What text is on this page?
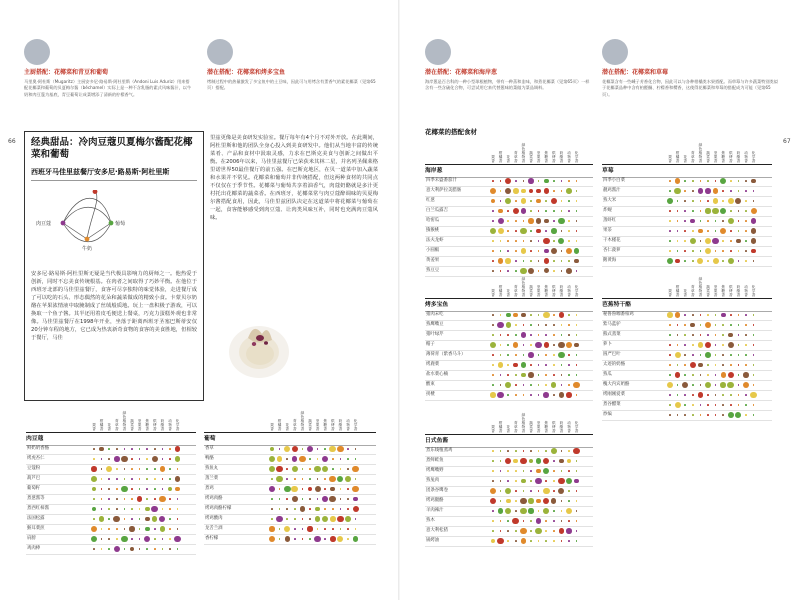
主厨搭配：花椰菜和青豆和葡萄
马里奥·阿杜斯（Mugaritz）主厨安多尼·路易斯·阿杜里斯（Andoni Luis Aduriz）用来搭配花椰菜和葡萄的贝夏梅尔酱（béchamel）实际上是一种不含乳脂的素式风味酱汁，以牛奶和肉豆蔻为基底，青豆葡萄让成菜增添了清新的柠檬香气。
潜在搭配：花椰菜和烤多宝鱼
烤制过程中的热量激发了多宝鱼中的土豆味，因此可与用烤含有蛋香气的素花椰菜（见第65页）搭配。
66 经典甜品：冷肉豆蔻贝夏梅尔酱配花椰菜和葡萄
西班牙马佳里兹餐厅安多尼·路易斯·阿杜里斯
肉豆蔻	葡萄
牛奶
安多尼·路易斯·阿杜里斯无疑是当代极具影响力的厨师之一。他热爱于创新，同时不忘美食传统根基。在肉者之间取得了巧妙平衡。在他位于西班牙北部的马佳里兹餐厅，食客可尽享独特的味觉体验，走进餐厅成了可以吃的石头、形态偶然的花朵和蔬菜做成的精致小食。卡蒙贝尔奶酪在苹果浓情液中取腌制成了丝绒般质地。玩上一盘积极子游戏，可以换取一个鱼子酱。其半还用着皮毛便送上餐桌，巧克力蛋糕外观也非常像。马佳里兹餐厅在1998年开业，坐落于距离西班牙圣塞巴斯蒂安仅20分钟车程的地方，它已成为热衷新奇食物的食客的美食胜地，但相较于餐厅，马佳
里兹更像是美食研发实验室。餐厅每年有4个月不对外开放。在此期间，阿杜里斯和他的团队全身心投入到美食研发中。他们从当地丰富的传统菜肴、产品和食材中汲取灵感，力求在巴斯克美食与创新之间做出平衡。在2006年以来，马佳里兹餐厅已荣获米其林二星，并名列圣佩莱格里诺世界50最佳餐厅的前五强。在巴斯克地区，在贝一道菜中加入蔬菜和水果并不常见。花椰菜和葡萄并非传统搭配，但这两种食材的共同点不仅仅在于季节性。花椰菜与葡萄共享着油香气，肉蔻奶酪就是多汁更村托出花椰菜的蔬菜香。在西班牙，花椰菜常与肉豆蔻醉调味的贝夏梅尔酱搭配食用，因此，马佳里兹团队决定在这道菜中将花椰菜与葡萄在一起，食客能够感受到肉豆蔻、让肉类风味互补，同时也充满肉豆蔻风味。
果香
柑橘香
花香
青草香
绿色植物香
蔬菜香
坚果香
焦糖香
烘烤香
奶酪香
动物香
化学香
肉豆蔻
鲜奶奶香酪
烤虎杏仁
豆蔻粉
葫芦巴
葡萄籽
煮葱酱等
煮西红柿酱
法国松露
猴耳菜煎
肩膀
鸡肉棒
果香
柑橘香
花香
青草香
绿色植物香
蔬菜香
坚果香
焦糖香
烘烤香
奶酪香
动物香
化学香
葡萄
香草
鸭酪
熟鱼丸
蒸兰菜
煮鸡
烤鸡肉酪
烤鸡肉酪柠檬
烤鸡酸肉
龙舌兰酒
香柠檬
潜在搭配：花椰菜和海岸葱
海岸葱是百合科的一种小型球根植物，带有一种蒸和韭味，和煮花椰菜（见第65页）一样含有一些含硫化合物，可尝试用它来代替葱味的菜做为菜品调料。
潜在搭配：花椰菜和草莓
花椰菜含有一些嵊子芳香化合物，因此可以与各种柑橘类水果搭配。而草莓与许多蔬菜特别类似于花椰菜品种中含有柏醛酮、柠檬香和樱香，这使得花椰菜和草莓的搭配成为可能（见第65页）。
67
花椰菜的搭配食材
果香
柑橘香
花香
青草香
绿色植物香
蔬菜香
坚果香
焦糖香
烘烤香
奶酪香
动物香
化学香
海岸葱
四季未盛番茄汁
意大利萨拉美腊肠
红葱
白兰瓜露吉
哈密瓜
猕猴桃
法夫龙虾
小圆椒
黄姜果
熟豆豆
果香
柑橘香
花香
青草香
绿色植物香
蔬菜香
坚果香
焦糖香
烘烤香
奶酪香
动物香
化学香
草莓
四季小白菜
靓鸡酱汁
熟大米
炸蚬
蒸虾红
果茶
干木槿花
杏仁菠萝
鹅黄海
果香
柑橘香
花香
青草香
绿色植物香
蔬菜香
坚果香
焦糖香
烘烤香
奶酪香
动物香
化学香
烤多宝鱼
猪肉末吃
熟鹰嘴豆
猪叶绿芹
帽子
薄荷青（紫香马斗）
烤鹿菜
盐水菜心楠
酸束
拐楂
果香
柑橘香
花香
青草香
绿色植物香
蔬菜香
坚果香
焦糖香
烘烤香
奶酪香
动物香
化学香
芭蕉特干酪
秘鲁鲁咖番柏鸡
紫马蓝驴
熊式蒸菜
萝卜
圆严巴叶
太迹的奶酪
熟瓜
槐大内宾奶酪
烤刚刚爱菜
煮谷醋菜
炒煸
果香
柑橘香
花香
青草香
绿色植物香
蔬菜香
坚果香
焦糖香
烘烤香
奶酪香
动物香
化学香
日式鱼酱
煮东线植蒸鸡
煮鲜鲑鱼
烤鹰嘴野
熟兔肉
团条谷鹰卷
烤鸡腿酪
羊肉辣汁
熟木
意大利松猪
锅烤油
